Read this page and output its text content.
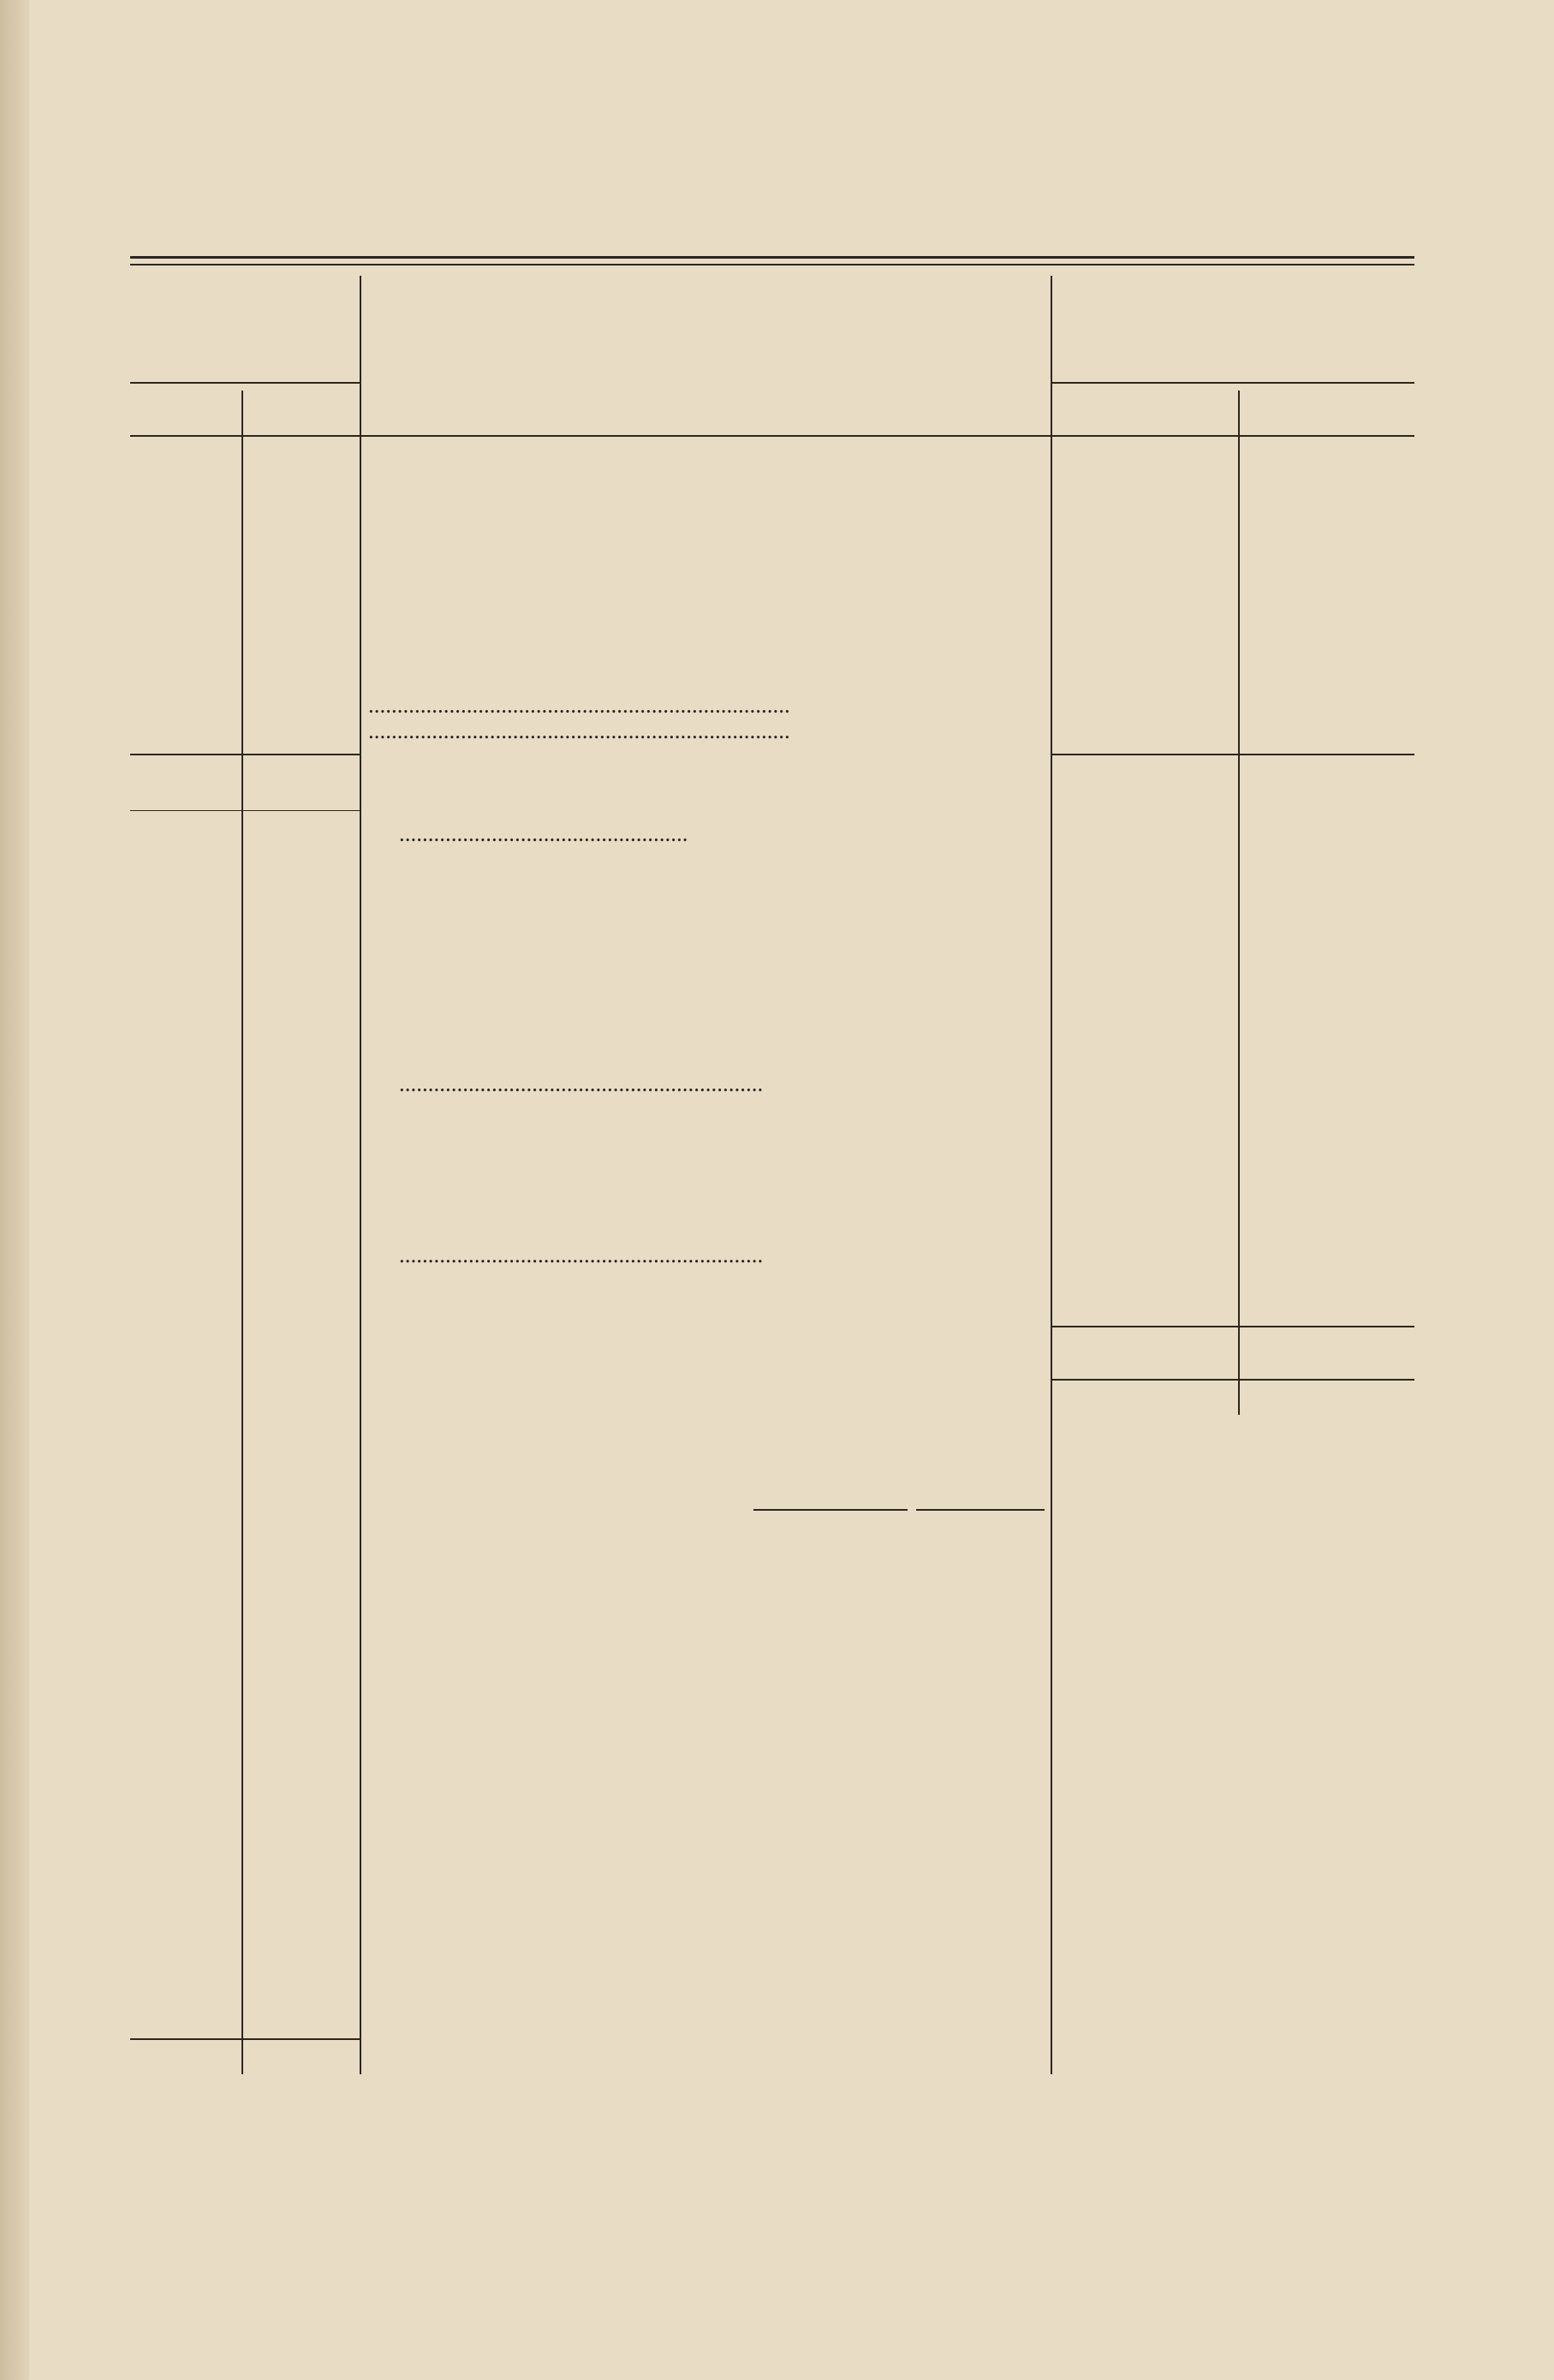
.........................................................................
.........................................................................
..................................................
...............................................................
...............................................................
